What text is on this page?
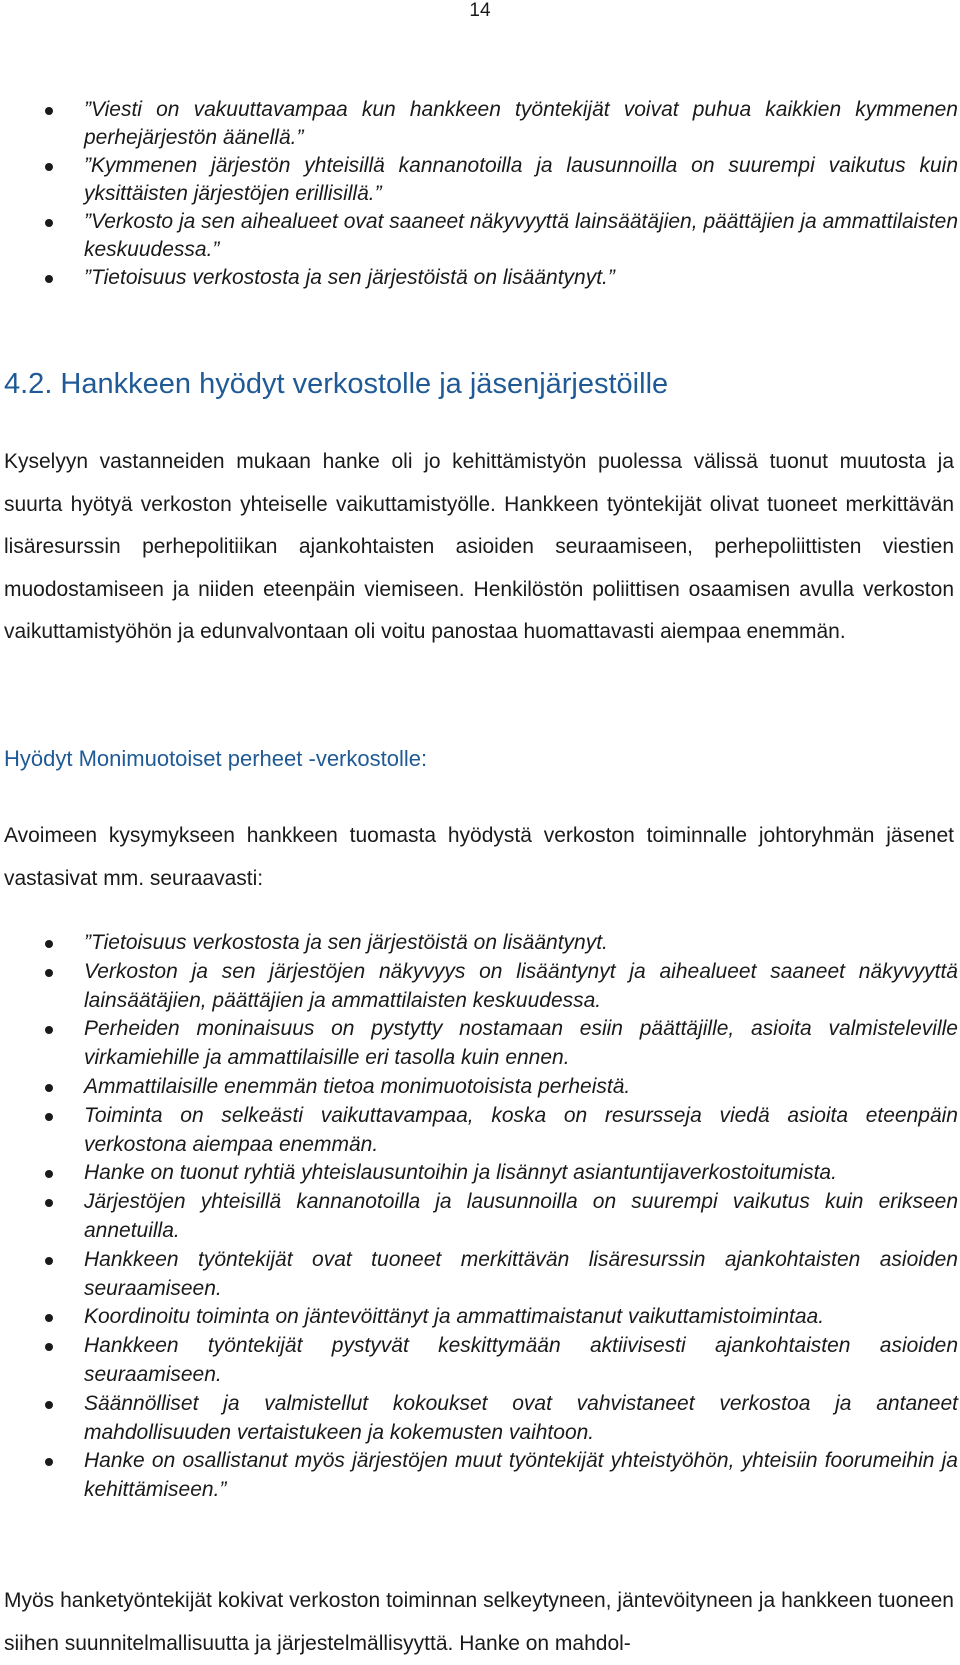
14
”Viesti on vakuuttavampaa kun hankkeen työntekijät voivat puhua kaikkien kymmenen perhejärjestön äänellä.”
”Kymmenen järjestön yhteisillä kannanotoilla ja lausunnoilla on suurempi vaikutus kuin yksittäisten järjestöjen erillisillä.”
”Verkosto ja sen aihealueet ovat saaneet näkyvyyttä lainsäätäjien, päättäjien ja ammattilaisten keskuudessa.”
”Tietoisuus verkostosta ja sen järjestöistä on lisääntynyt.”
4.2. Hankkeen hyödyt verkostolle ja jäsenjärjestöille

Kyselyyn vastanneiden mukaan hanke oli jo kehittämistyön puolessa välissä tuonut muutosta ja suurta hyötyä verkoston yhteiselle vaikuttamistyölle. Hankkeen työntekijät olivat tuoneet merkittävän lisäresurssin perhepolitiikan ajankohtaisten asioiden seuraamiseen, perhepoliittisten viestien muodostamiseen ja niiden eteenpäin viemiseen. Henkilöstön poliittisen osaamisen avulla verkoston vaikuttamistyöhön ja edunvalvontaan oli voitu panostaa huomattavasti aiempaa enemmän.

Hyödyt Monimuotoiset perheet -verkostolle:

Avoimeen kysymykseen hankkeen tuomasta hyödystä verkoston toiminnalle johtoryhmän jäsenet vastasivat mm. seuraavasti:

”Tietoisuus verkostosta ja sen järjestöistä on lisääntynyt.
Verkoston ja sen järjestöjen näkyvyys on lisääntynyt ja aihealueet saaneet näkyvyyttä lainsäätäjien, päättäjien ja ammattilaisten keskuudessa.
Perheiden moninaisuus on pystytty nostamaan esiin päättäjille, asioita valmisteleville virkamiehille ja ammattilaisille eri tasolla kuin ennen.
Ammattilaisille enemmän tietoa monimuotoisista perheistä.
Toiminta on selkeästi vaikuttavampaa, koska on resursseja viedä asioita eteenpäin verkostona aiempaa enemmän.
Hanke on tuonut ryhtiä yhteislausuntoihin ja lisännyt asiantuntijaverkostoitumista.
Järjestöjen yhteisillä kannanotoilla ja lausunnoilla on suurempi vaikutus kuin erikseen annetuilla.
Hankkeen työntekijät ovat tuoneet merkittävän lisäresurssin ajankohtaisten asioiden seuraamiseen.
Koordinoitu toiminta on jäntevöittänyt ja ammattimaistanut vaikuttamistoimintaa.
Hankkeen työntekijät pystyvät keskittymään aktiivisesti ajankohtaisten asioiden seuraamiseen.
Säännölliset ja valmistellut kokoukset ovat vahvistaneet verkostoa ja antaneet mahdollisuuden vertaistukeen ja kokemusten vaihtoon.
Hanke on osallistanut myös järjestöjen muut työntekijät yhteistyöhön, yhteisiin foorumeihin ja kehittämiseen.”

Myös hanketyöntekijät kokivat verkoston toiminnan selkeytyneen, jäntevöityneen ja hankkeen tuoneen siihen suunnitelmallisuutta ja järjestelmällisyyttä. Hanke on mahdol-
